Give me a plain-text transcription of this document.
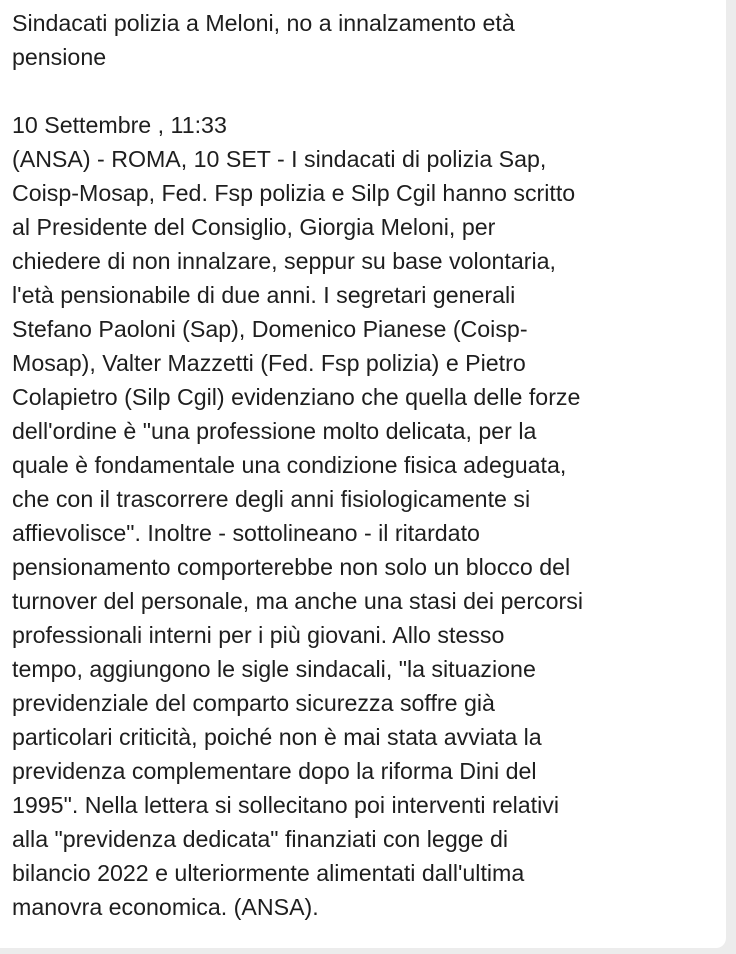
Sindacati polizia a Meloni, no a innalzamento età
pensione

10 Settembre , 11:33

(ANSA) - ROMA, 10 SET - I sindacati di polizia Sap,
Coisp-Mosap, Fed. Fsp polizia e Silp Cgil hanno scritto
al Presidente del Consiglio, Giorgia Meloni, per
chiedere di non innalzare, seppur su base volontaria,
l'età pensionabile di due anni. I segretari generali
Stefano Paoloni (Sap), Domenico Pianese (Coisp-
Mosap), Valter Mazzetti (Fed. Fsp polizia) e Pietro
Colapietro (Silp Cgil) evidenziano che quella delle forze
dell'ordine è "una professione molto delicata, per la
quale è fondamentale una condizione fisica adeguata,
che con il trascorrere degli anni fisiologicamente si
affievolisce". Inoltre - sottolineano - il ritardato
pensionamento comporterebbe non solo un blocco del
turnover del personale, ma anche una stasi dei percorsi
professionali interni per i più giovani. Allo stesso
tempo, aggiungono le sigle sindacali, "la situazione
previdenziale del comparto sicurezza soffre già
particolari criticità, poiché non è mai stata avviata la
previdenza complementare dopo la riforma Dini del
1995". Nella lettera si sollecitano poi interventi relativi
alla "previdenza dedicata" finanziati con legge di
bilancio 2022 e ulteriormente alimentati dall'ultima
manovra economica. (ANSA).
